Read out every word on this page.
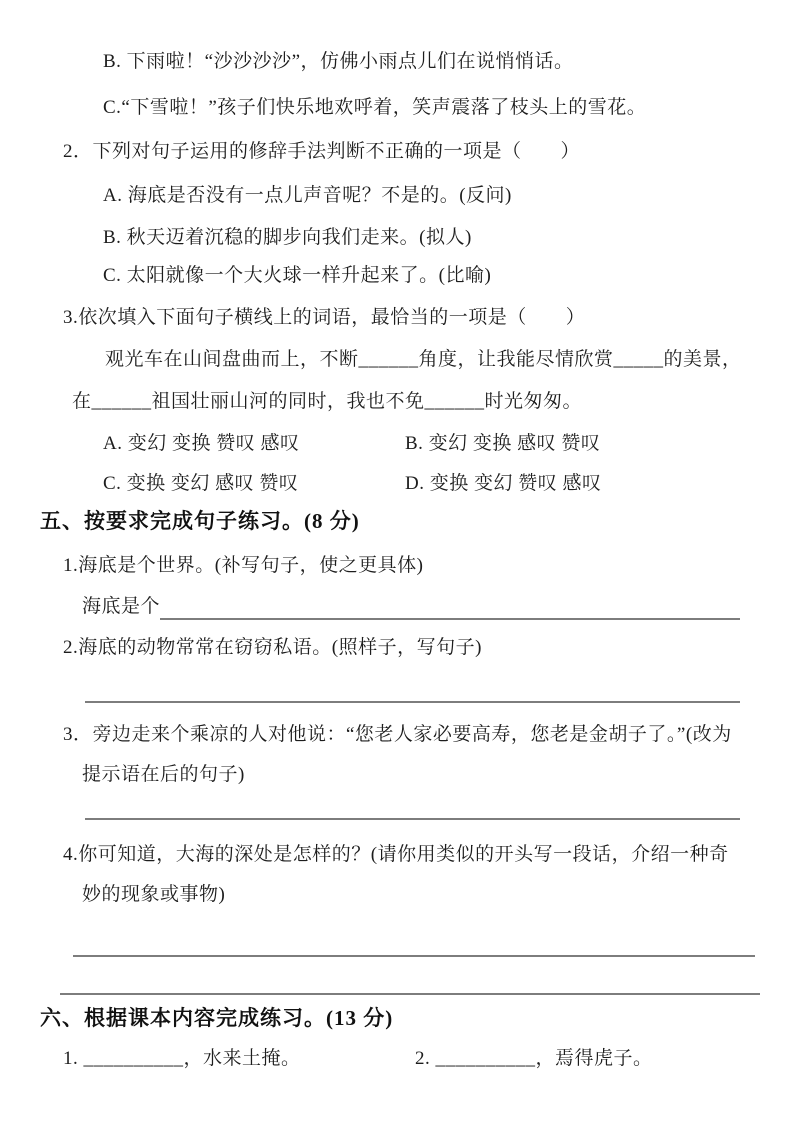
B. 下雨啦！“沙沙沙沙”，仿佛小雨点儿们在说悄悄话。
C.“下雪啦！”孩子们快乐地欢呼着，笑声震落了枝头上的雪花。
2．下列对句子运用的修辞手法判断不正确的一项是（　　）
A. 海底是否没有一点儿声音呢？不是的。(反问)
B. 秋天迈着沉稳的脚步向我们走来。(拟人)
C. 太阳就像一个大火球一样升起来了。(比喻)
3.依次填入下面句子横线上的词语，最恰当的一项是（　　）
观光车在山间盘曲而上，不断______角度，让我能尽情欣赏_____的美景，
在______祖国壮丽山河的同时，我也不免______时光匆匆。
A. 变幻 变换 赞叹 感叹	B. 变幻 变换 感叹 赞叹
C. 变换 变幻 感叹 赞叹	D. 变换 变幻 赞叹 感叹
五、按要求完成句子练习。(8 分)
1.海底是个世界。(补写句子，使之更具体)
海底是个
2.海底的动物常常在窃窃私语。(照样子，写句子)
3．旁边走来个乘凉的人对他说：“您老人家必要高寿，您老是金胡子了。”(改为
提示语在后的句子)
4.你可知道，大海的深处是怎样的？(请你用类似的开头写一段话，介绍一种奇
妙的现象或事物)
六、根据课本内容完成练习。(13 分)
1. __________，水来土掩。	2. __________，焉得虎子。
